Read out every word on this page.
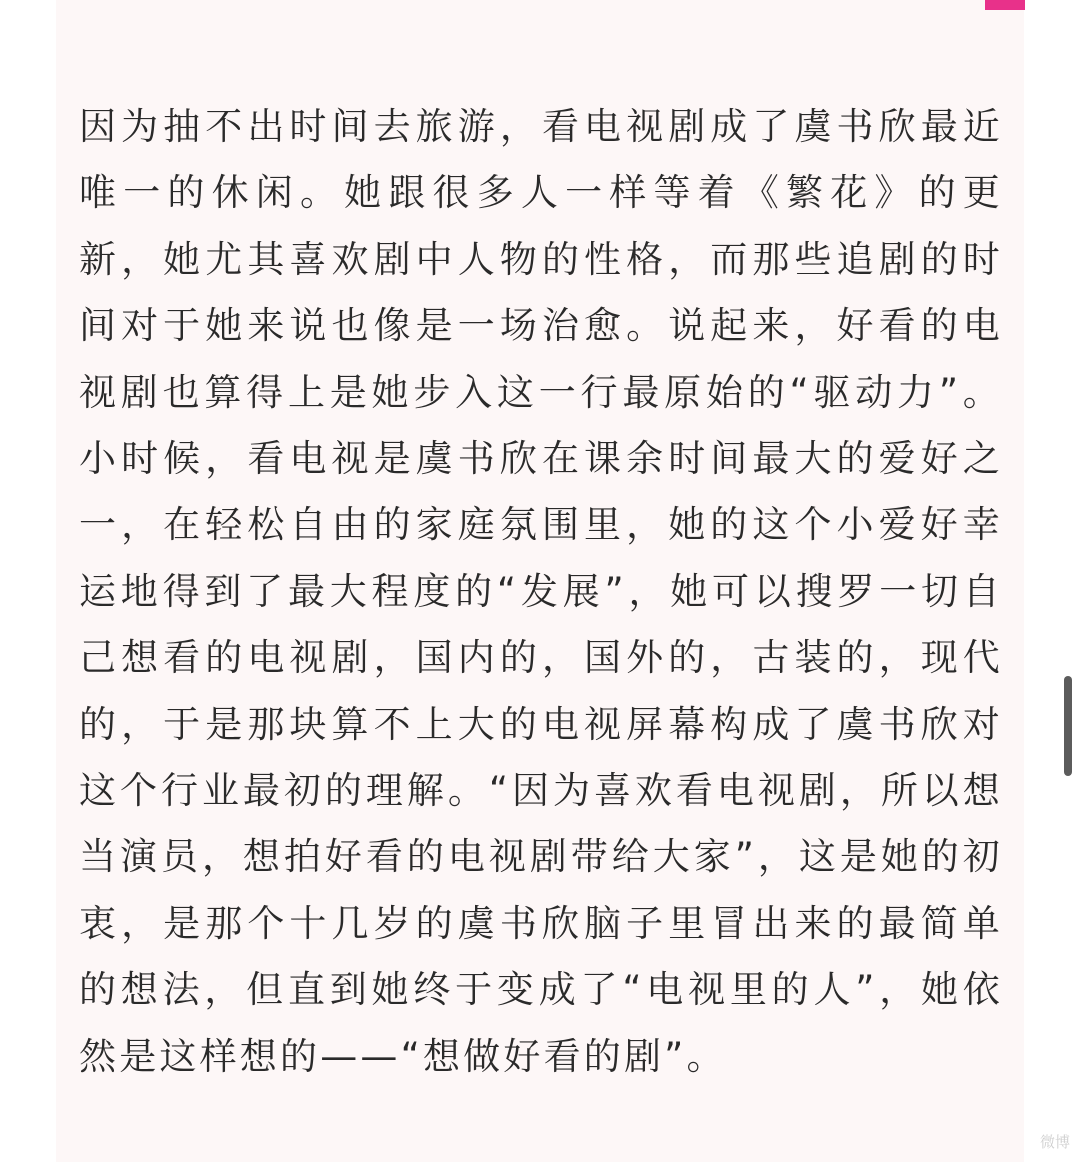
因为抽不出时间去旅游，看电视剧成了虞书欣最近唯一的休闲。她跟很多人一样等着《繁花》的更新，她尤其喜欢剧中人物的性格，而那些追剧的时间对于她来说也像是一场治愈。说起来，好看的电视剧也算得上是她步入这一行最原始的“驱动力”。小时候，看电视是虞书欣在课余时间最大的爱好之一，在轻松自由的家庭氛围里，她的这个小爱好幸运地得到了最大程度的“发展”，她可以搜罗一切自己想看的电视剧，国内的，国外的，古装的，现代的，于是那块算不上大的电视屏幕构成了虞书欣对这个行业最初的理解。“因为喜欢看电视剧，所以想当演员，想拍好看的电视剧带给大家”，这是她的初衷，是那个十几岁的虞书欣脑子里冒出来的最简单的想法，但直到她终于变成了“电视里的人”，她依然是这样想的——“想做好看的剧”。

微博
